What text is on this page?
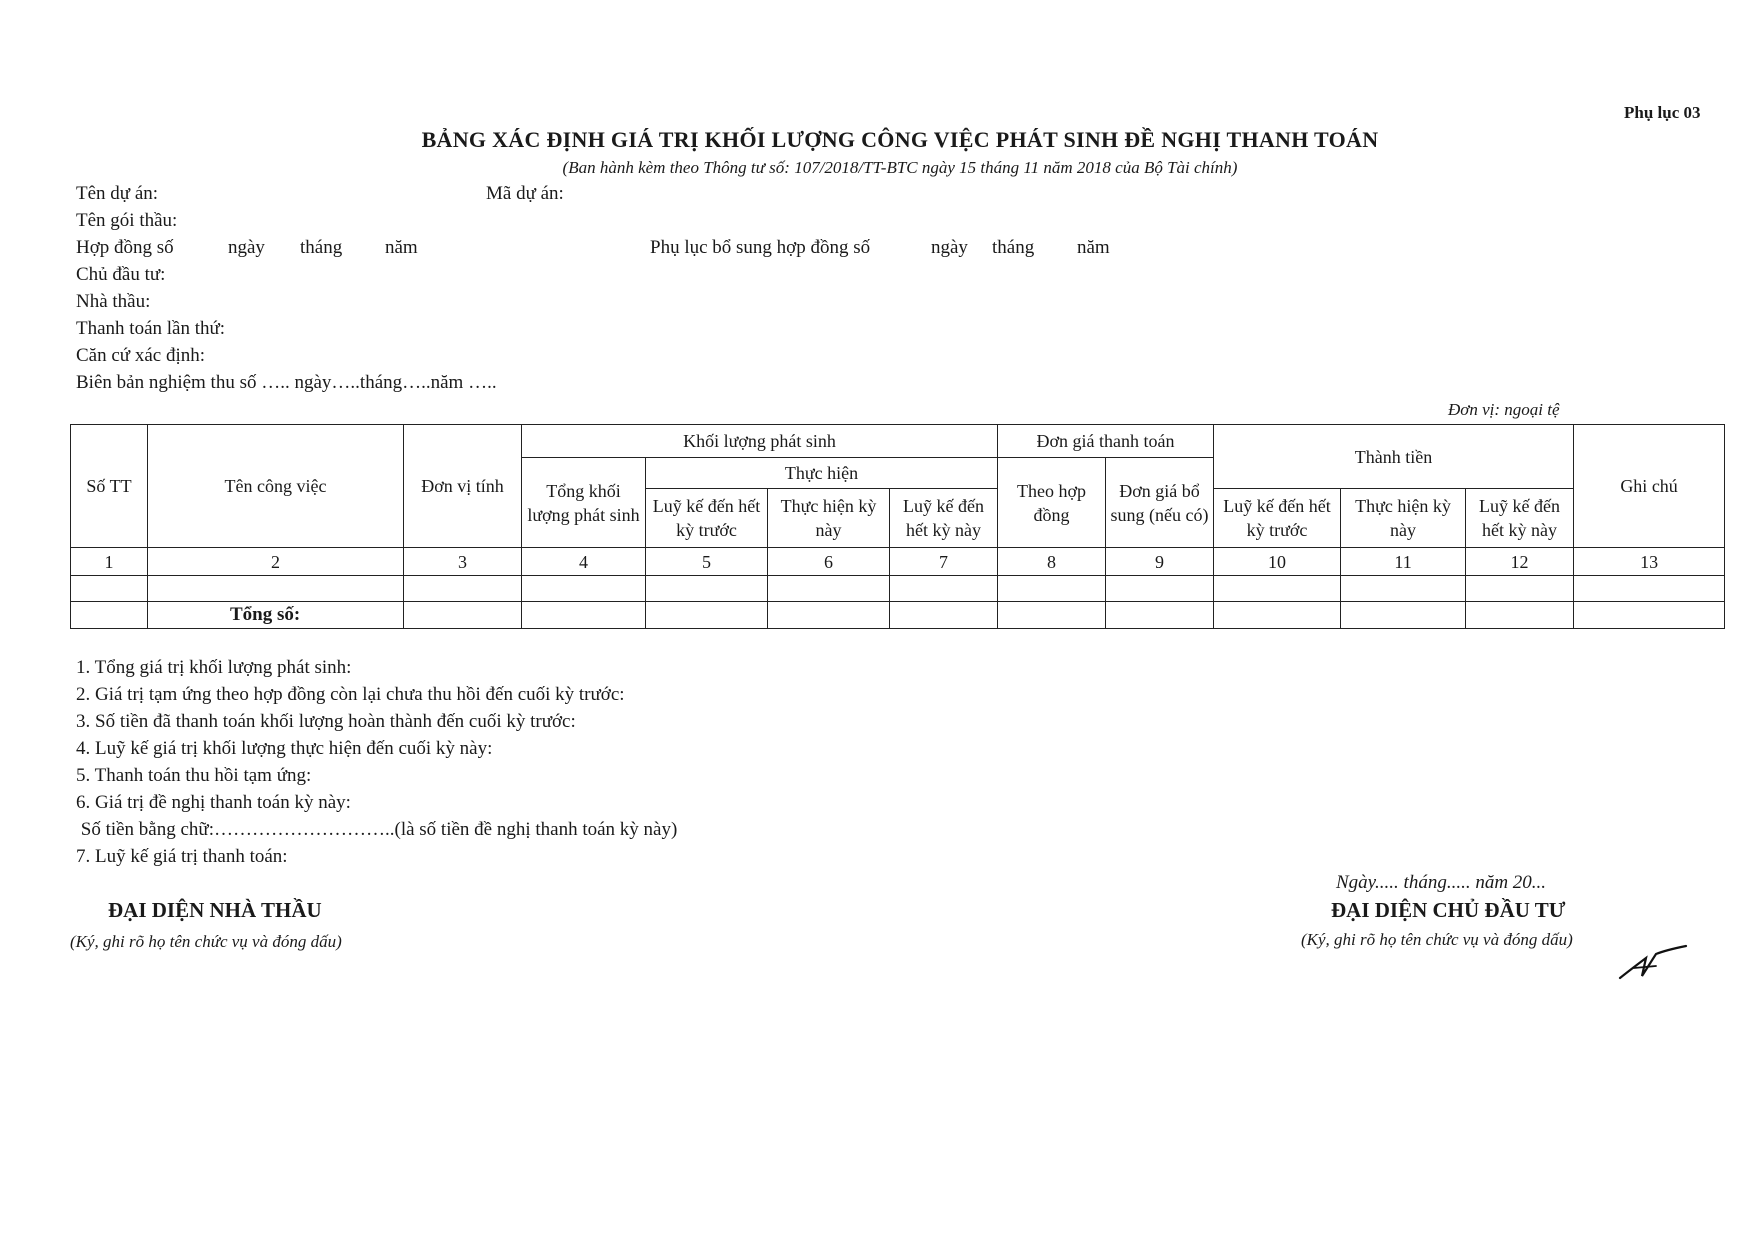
Phụ lục 03
BẢNG XÁC ĐỊNH GIÁ TRỊ KHỐI LƯỢNG CÔNG VIỆC PHÁT SINH ĐỀ NGHỊ THANH TOÁN
(Ban hành kèm theo Thông tư số: 107/2018/TT-BTC ngày 15 tháng 11 năm 2018 của Bộ Tài chính)
Tên dự án:	Mã dự án:
Tên gói thầu:
Hợp đồng số	ngày tháng năm	Phụ lục bổ sung hợp đồng số	ngày tháng năm
Chủ đầu tư:
Nhà thầu:
Thanh toán lần thứ:
Căn cứ xác định:
Biên bản nghiệm thu số ….. ngày…..tháng…..năm …..
Đơn vị: ngoại tệ
Số TT	Tên công việc	Đơn vị tính	Khối lượng phát sinh				Đơn giá thanh toán		Thành tiền			Ghi chú
			Tổng khối lượng phát sinh	Thực hiện			Theo hợp đồng	Đơn giá bổ sung (nếu có)				
				Luỹ kế đến hết kỳ trước	Thực hiện kỳ này	Luỹ kế đến hết kỳ này			Luỹ kế đến hết kỳ trước	Thực hiện kỳ này	Luỹ kế đến hết kỳ này	
1	2	3	4	5	6	7	8	9	10	11	12	13

	Tổng số:											
1. Tổng giá trị khối lượng phát sinh:
2. Giá trị tạm ứng theo hợp đồng còn lại chưa thu hồi đến cuối kỳ trước:
3. Số tiền đã thanh toán khối lượng hoàn thành đến cuối kỳ trước:
4. Luỹ kế giá trị khối lượng thực hiện đến cuối kỳ này:
5. Thanh toán thu hồi tạm ứng:
6. Giá trị đề nghị thanh toán kỳ này:
Số tiền bằng chữ:………………………..(là số tiền đề nghị thanh toán kỳ này)
7. Luỹ kế giá trị thanh toán:
Ngày..... tháng..... năm 20...
ĐẠI DIỆN NHÀ THẦU
(Ký, ghi rõ họ tên chức vụ và đóng dấu)
ĐẠI DIỆN CHỦ ĐẦU TƯ
(Ký, ghi rõ họ tên chức vụ và đóng dấu)
